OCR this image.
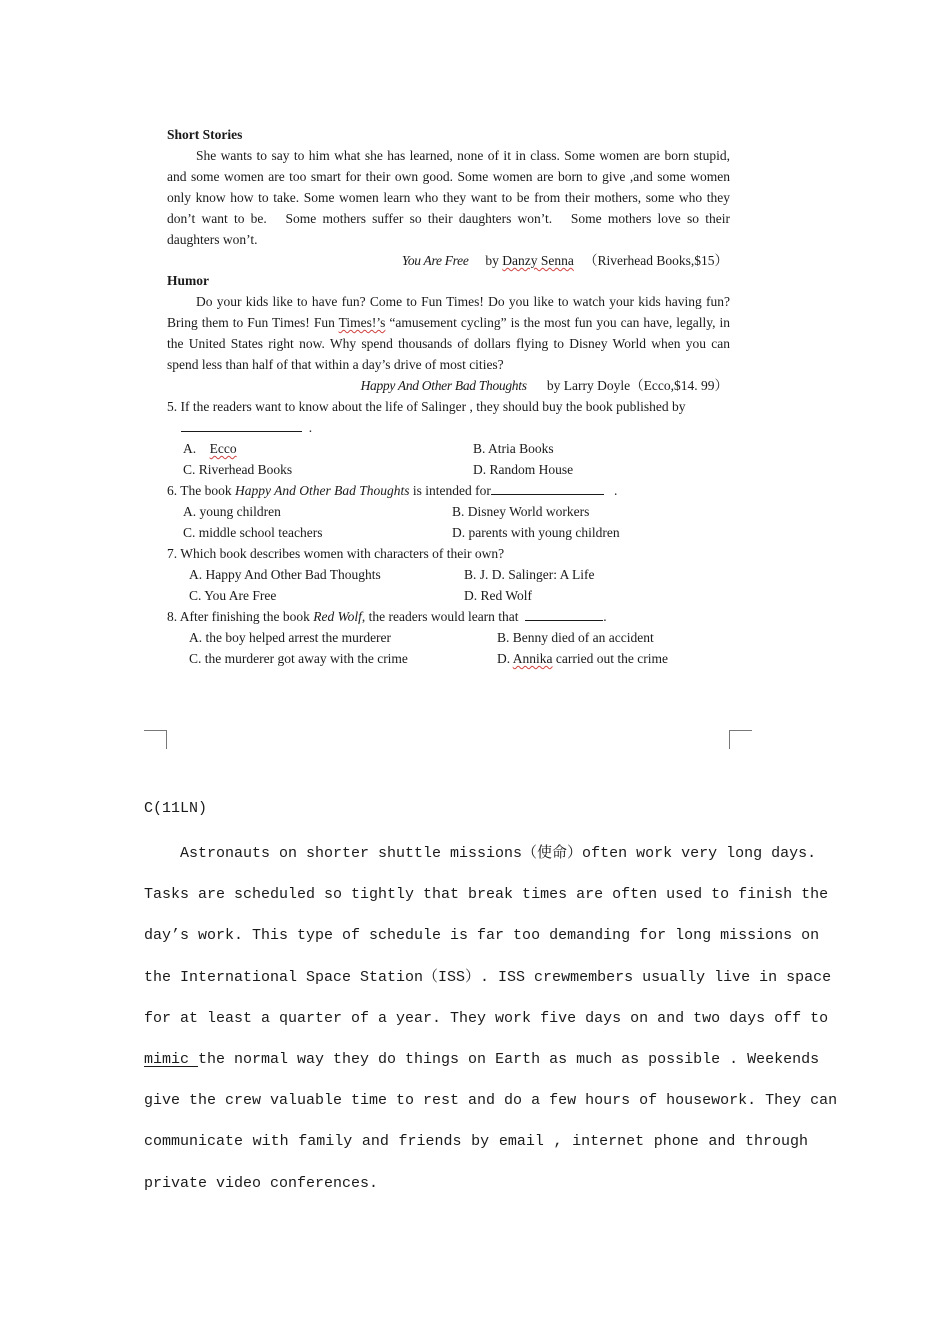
Short Stories

She wants to say to him what she has learned, none of it in class. Some women are born stupid, and some women are too smart for their own good. Some women are born to give ,and some women only know how to take. Some women learn who they want to be from their mothers, some who they don’t want to be.   Some mothers suffer so their daughters won’t.   Some mothers love so their daughters won’t.

You Are Free by Danzy Senna （Riverhead Books,$15）
Humor

Do your kids like to have fun? Come to Fun Times! Do you like to watch your kids having fun? Bring them to Fun Times! Fun Times!’s “amusement cycling” is the most fun you can have, legally, in the United States right now. Why spend thousands of dollars flying to Disney World when you can spend less than half of that within a day’s drive of most cities?

Happy And Other Bad Thoughts by Larry Doyle（Ecco,$14. 99）
5. If the readers want to know about the life of Salinger , they should buy the book published by
.
A. Ecco	B. Atria Books
C. Riverhead Books	D. Random House
6. The book Happy And Other Bad Thoughts is intended for	.
A. young children	B. Disney World workers
C. middle school teachers	D. parents with young children
7. Which book describes women with characters of their own?
A. Happy And Other Bad Thoughts	B. J. D. Salinger: A Life
C. You Are Free	D. Red Wolf
8. After finishing the book Red Wolf, the readers would learn that	.
A. the boy helped arrest the murderer	B. Benny died of an accident
C. the murderer got away with the crime	D. Annika carried out the crime
C(11LN)
Astronauts on shorter shuttle missions（使命）often work very long days.
Tasks are scheduled so tightly that break times are often used to finish the
day’s work. This type of schedule is far too demanding for long missions on
the International Space Station（ISS）. ISS crewmembers usually live in space
for at least a quarter of a year. They work five days on and two days off to
mimic the normal way they do things on Earth as much as possible . Weekends
give the crew valuable time to rest and do a few hours of housework. They can
communicate with family and friends by email , internet phone and through
private video conferences.
